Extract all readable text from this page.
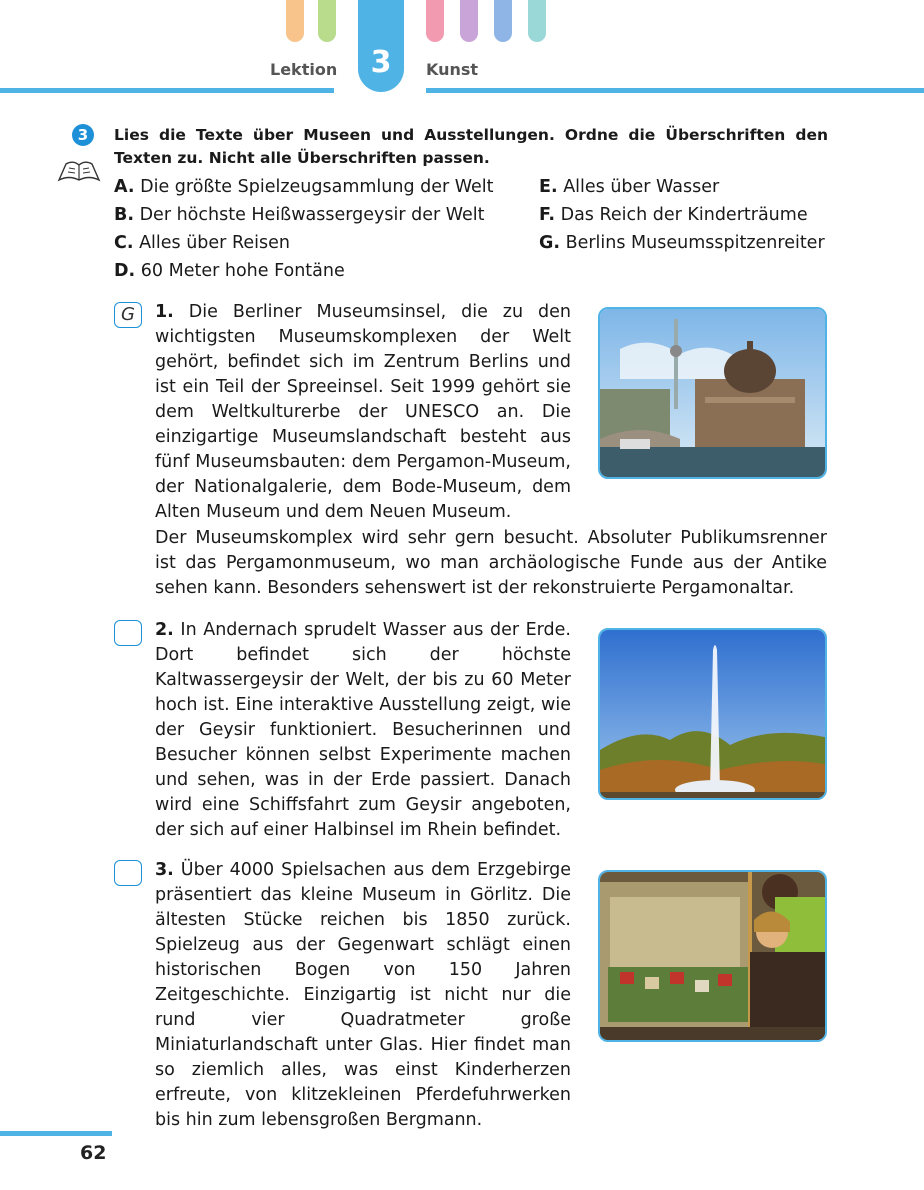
Lektion	3	Kunst
3	Lies die Texte über Museen und Ausstellungen. Ordne die Überschriften den Texten zu. Nicht alle Überschriften passen.
A. Die größte Spielzeugsammlung der Welt
B. Der höchste Heißwassergeysir der Welt
C. Alles über Reisen
D. 60 Meter hohe Fontäne
E. Alles über Wasser
F. Das Reich der Kinderträume
G. Berlins Museumsspitzenreiter
G	1. Die Berliner Museumsinsel, die zu den wichtigsten Museumskomplexen der Welt gehört, befindet sich im Zentrum Berlins und ist ein Teil der Spreeinsel. Seit 1999 gehört sie dem Weltkulturerbe der UNESCO an. Die einzigartige Museumslandschaft besteht aus fünf Museumsbauten: dem Pergamon-Museum, der Nationalgalerie, dem Bode-Museum, dem Alten Museum und dem Neuen Museum.
Der Museumskomplex wird sehr gern besucht. Absoluter Publikumsrenner ist das Pergamonmuseum, wo man archäologische Funde aus der Antike sehen kann. Besonders sehenswert ist der rekonstruierte Pergamonaltar.
2. In Andernach sprudelt Wasser aus der Erde. Dort befindet sich der höchste Kaltwassergeysir der Welt, der bis zu 60 Meter hoch ist. Eine interaktive Ausstellung zeigt, wie der Geysir funktioniert. Besucherinnen und Besucher können selbst Experimente machen und sehen, was in der Erde passiert. Danach wird eine Schiffsfahrt zum Geysir angeboten, der sich auf einer Halbinsel im Rhein befindet.
3. Über 4000 Spielsachen aus dem Erzgebirge präsentiert das kleine Museum in Görlitz. Die ältesten Stücke reichen bis 1850 zurück. Spielzeug aus der Gegenwart schlägt einen historischen Bogen von 150 Jahren Zeitgeschichte. Einzigartig ist nicht nur die rund vier Quadratmeter große Miniaturlandschaft unter Glas. Hier findet man so ziemlich alles, was einst Kinderherzen erfreute, von klitzekleinen Pferdefuhrwerken bis hin zum lebensgroßen Bergmann.
62
